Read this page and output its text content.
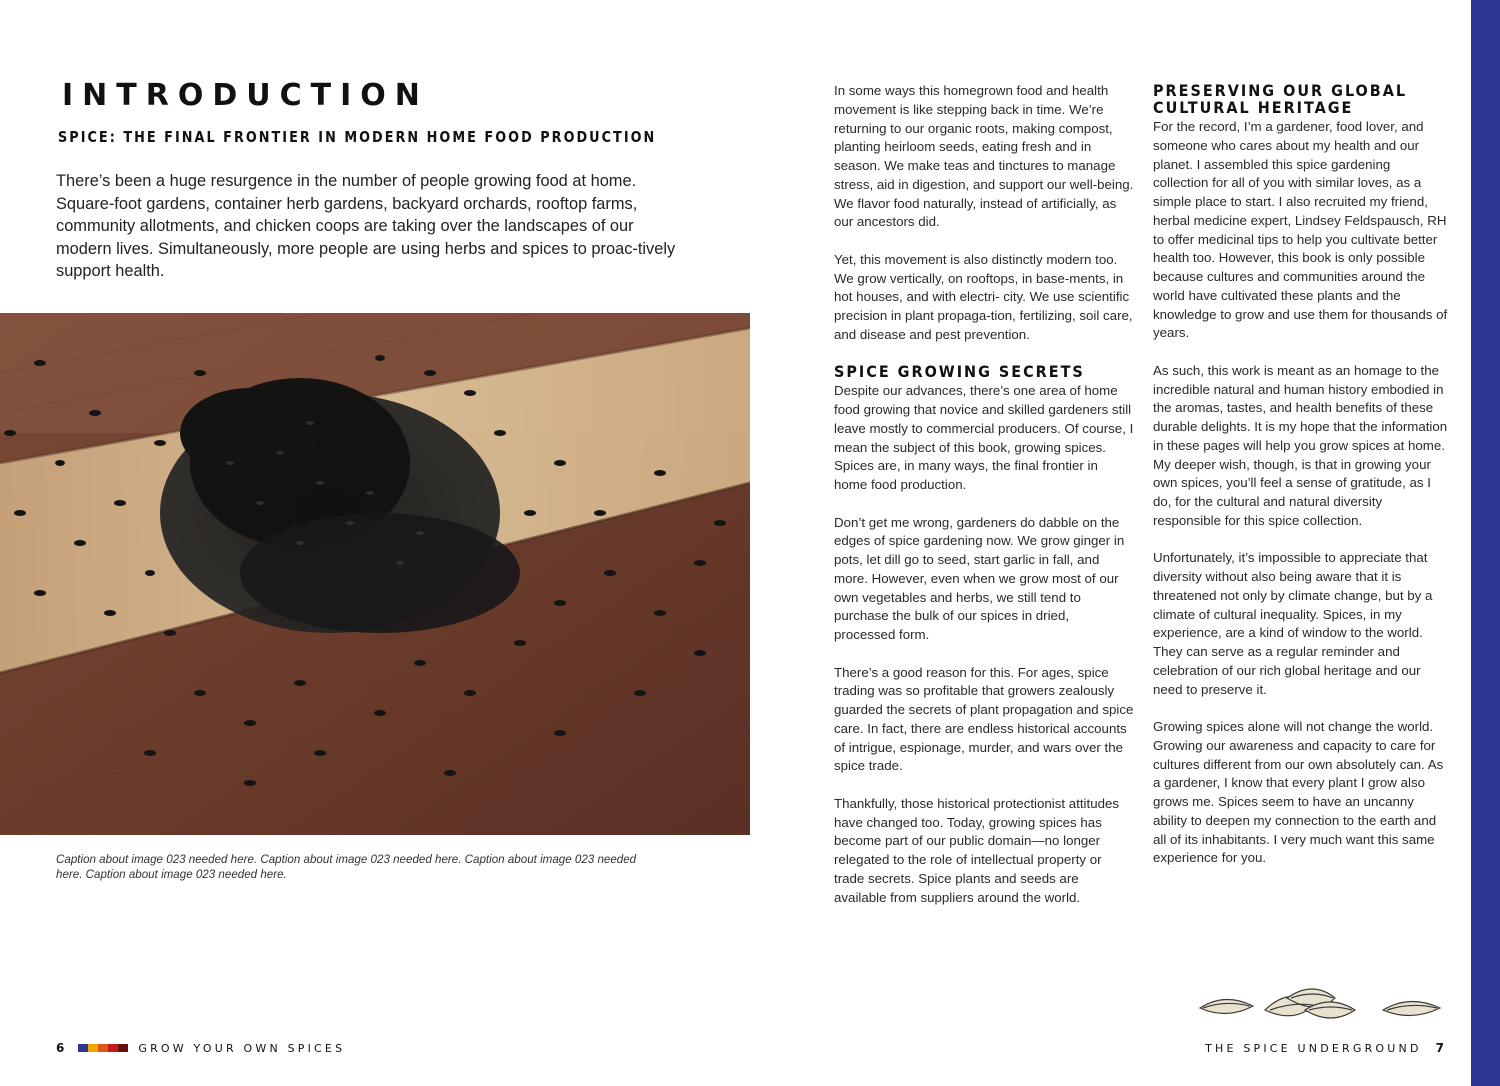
INTRODUCTION
SPICE: THE FINAL FRONTIER IN MODERN HOME FOOD PRODUCTION

There’s been a huge resurgence in the number of people growing food at home. Square-foot gardens, container herb gardens, backyard orchards, rooftop farms, community allotments, and chicken coops are taking over the landscapes of our modern lives. Simultaneously, more people are using herbs and spices to proac-tively support health.

Caption about image 023 needed here. Caption about image 023 needed here. Caption about image 023 needed here. Caption about image 023 needed here.

6	GROW YOUR OWN SPICES

In some ways this homegrown food and health movement is like stepping back in time. We’re returning to our organic roots, making compost, planting heirloom seeds, eating fresh and in season. We make teas and tinctures to manage stress, aid in digestion, and support our well-being. We flavor food naturally, instead of artificially, as our ancestors did.

Yet, this movement is also distinctly modern too. We grow vertically, on rooftops, in base-ments, in hot houses, and with electri- city. We use scientific precision in plant propaga-tion, fertilizing, soil care, and disease and pest prevention.

SPICE GROWING SECRETS

Despite our advances, there’s one area of home food growing that novice and skilled gardeners still leave mostly to commercial producers. Of course, I mean the subject of this book, growing spices. Spices are, in many ways, the final frontier in home food production.

Don’t get me wrong, gardeners do dabble on the edges of spice gardening now. We grow ginger in pots, let dill go to seed, start garlic in fall, and more. However, even when we grow most of our own vegetables and herbs, we still tend to purchase the bulk of our spices in dried, processed form.

There’s a good reason for this. For ages, spice trading was so profitable that growers zealously guarded the secrets of plant propagation and spice care. In fact, there are endless historical accounts of intrigue, espionage, murder, and wars over the spice trade.

Thankfully, those historical protectionist attitudes have changed too. Today, growing spices has become part of our public domain—no longer relegated to the role of intellectual property or trade secrets. Spice plants and seeds are available from suppliers around the world.

PRESERVING OUR GLOBAL CULTURAL HERITAGE

For the record, I’m a gardener, food lover, and someone who cares about my health and our planet. I assembled this spice gardening collection for all of you with similar loves, as a simple place to start. I also recruited my friend, herbal medicine expert, Lindsey Feldspausch, RH to offer medicinal tips to help you cultivate better health too. However, this book is only possible because cultures and communities around the world have cultivated these plants and the knowledge to grow and use them for thousands of years.

As such, this work is meant as an homage to the incredible natural and human history embodied in the aromas, tastes, and health benefits of these durable delights. It is my hope that the information in these pages will help you grow spices at home. My deeper wish, though, is that in growing your own spices, you’ll feel a sense of gratitude, as I do, for the cultural and natural diversity responsible for this spice collection.

Unfortunately, it’s impossible to appreciate that diversity without also being aware that it is threatened not only by climate change, but by a climate of cultural inequality. Spices, in my experience, are a kind of window to the world. They can serve as a regular reminder and celebration of our rich global heritage and our need to preserve it.

Growing spices alone will not change the world. Growing our awareness and capacity to care for cultures different from our own absolutely can. As a gardener, I know that every plant I grow also grows me. Spices seem to have an uncanny ability to deepen my connection to the earth and all of its inhabitants. I very much want this same experience for you.

THE SPICE UNDERGROUND 7
